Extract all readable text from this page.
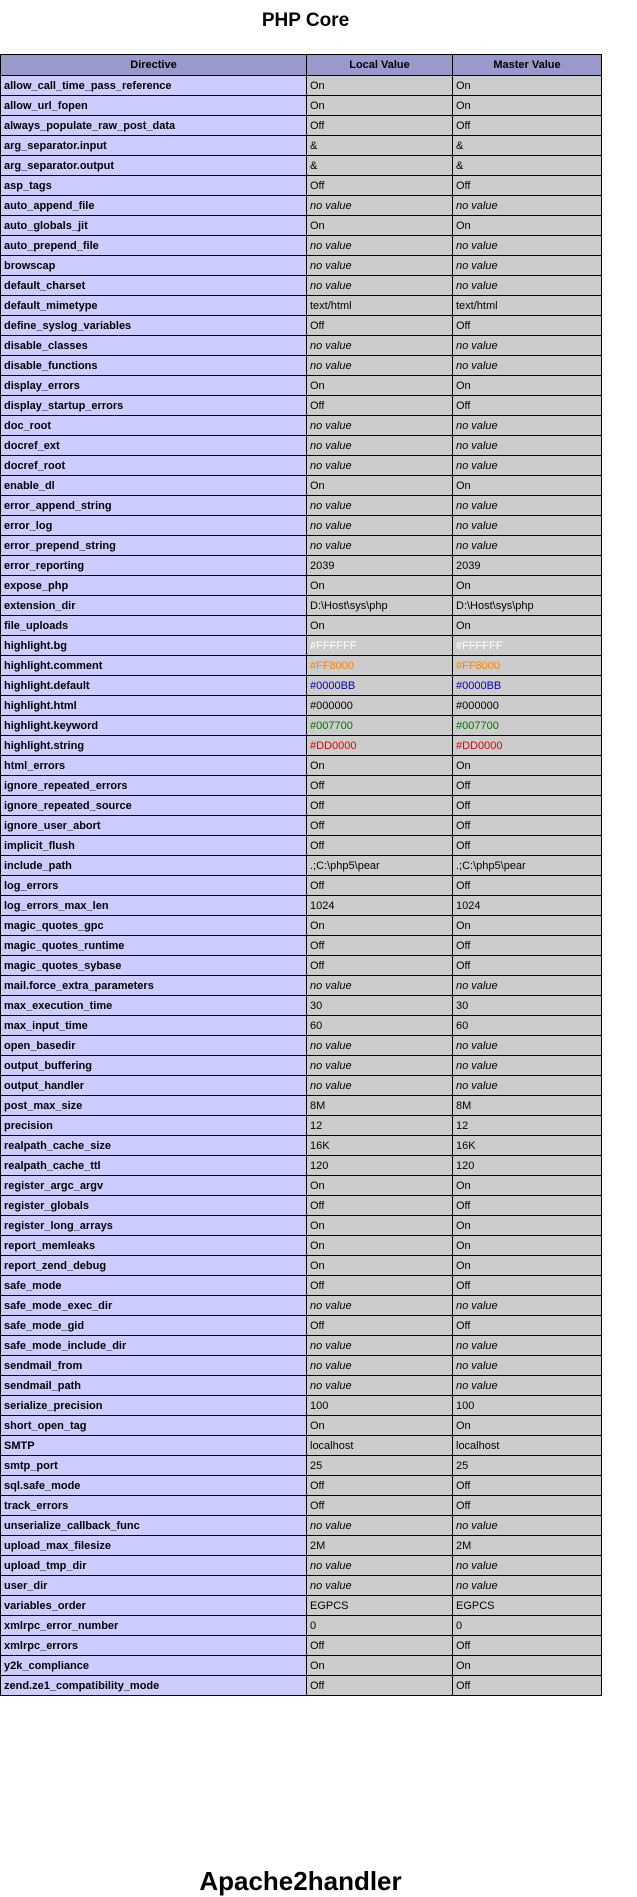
PHP Core
Directive	Local Value	Master Value
allow_call_time_pass_reference	On	On
allow_url_fopen	On	On
always_populate_raw_post_data	Off	Off
arg_separator.input	&	&
arg_separator.output	&	&
asp_tags	Off	Off
auto_append_file	no value	no value
auto_globals_jit	On	On
auto_prepend_file	no value	no value
browscap	no value	no value
default_charset	no value	no value
default_mimetype	text/html	text/html
define_syslog_variables	Off	Off
disable_classes	no value	no value
disable_functions	no value	no value
display_errors	On	On
display_startup_errors	Off	Off
doc_root	no value	no value
docref_ext	no value	no value
docref_root	no value	no value
enable_dl	On	On
error_append_string	no value	no value
error_log	no value	no value
error_prepend_string	no value	no value
error_reporting	2039	2039
expose_php	On	On
extension_dir	D:\Host\sys\php	D:\Host\sys\php
file_uploads	On	On
highlight.bg	#FFFFFF	#FFFFFF
highlight.comment	#FF8000	#FF8000
highlight.default	#0000BB	#0000BB
highlight.html	#000000	#000000
highlight.keyword	#007700	#007700
highlight.string	#DD0000	#DD0000
html_errors	On	On
ignore_repeated_errors	Off	Off
ignore_repeated_source	Off	Off
ignore_user_abort	Off	Off
implicit_flush	Off	Off
include_path	.;C:\php5\pear	.;C:\php5\pear
log_errors	Off	Off
log_errors_max_len	1024	1024
magic_quotes_gpc	On	On
magic_quotes_runtime	Off	Off
magic_quotes_sybase	Off	Off
mail.force_extra_parameters	no value	no value
max_execution_time	30	30
max_input_time	60	60
open_basedir	no value	no value
output_buffering	no value	no value
output_handler	no value	no value
post_max_size	8M	8M
precision	12	12
realpath_cache_size	16K	16K
realpath_cache_ttl	120	120
register_argc_argv	On	On
register_globals	Off	Off
register_long_arrays	On	On
report_memleaks	On	On
report_zend_debug	On	On
safe_mode	Off	Off
safe_mode_exec_dir	no value	no value
safe_mode_gid	Off	Off
safe_mode_include_dir	no value	no value
sendmail_from	no value	no value
sendmail_path	no value	no value
serialize_precision	100	100
short_open_tag	On	On
SMTP	localhost	localhost
smtp_port	25	25
sql.safe_mode	Off	Off
track_errors	Off	Off
unserialize_callback_func	no value	no value
upload_max_filesize	2M	2M
upload_tmp_dir	no value	no value
user_dir	no value	no value
variables_order	EGPCS	EGPCS
xmlrpc_error_number	0	0
xmlrpc_errors	Off	Off
y2k_compliance	On	On
zend.ze1_compatibility_mode	Off	Off
Apache2handler
